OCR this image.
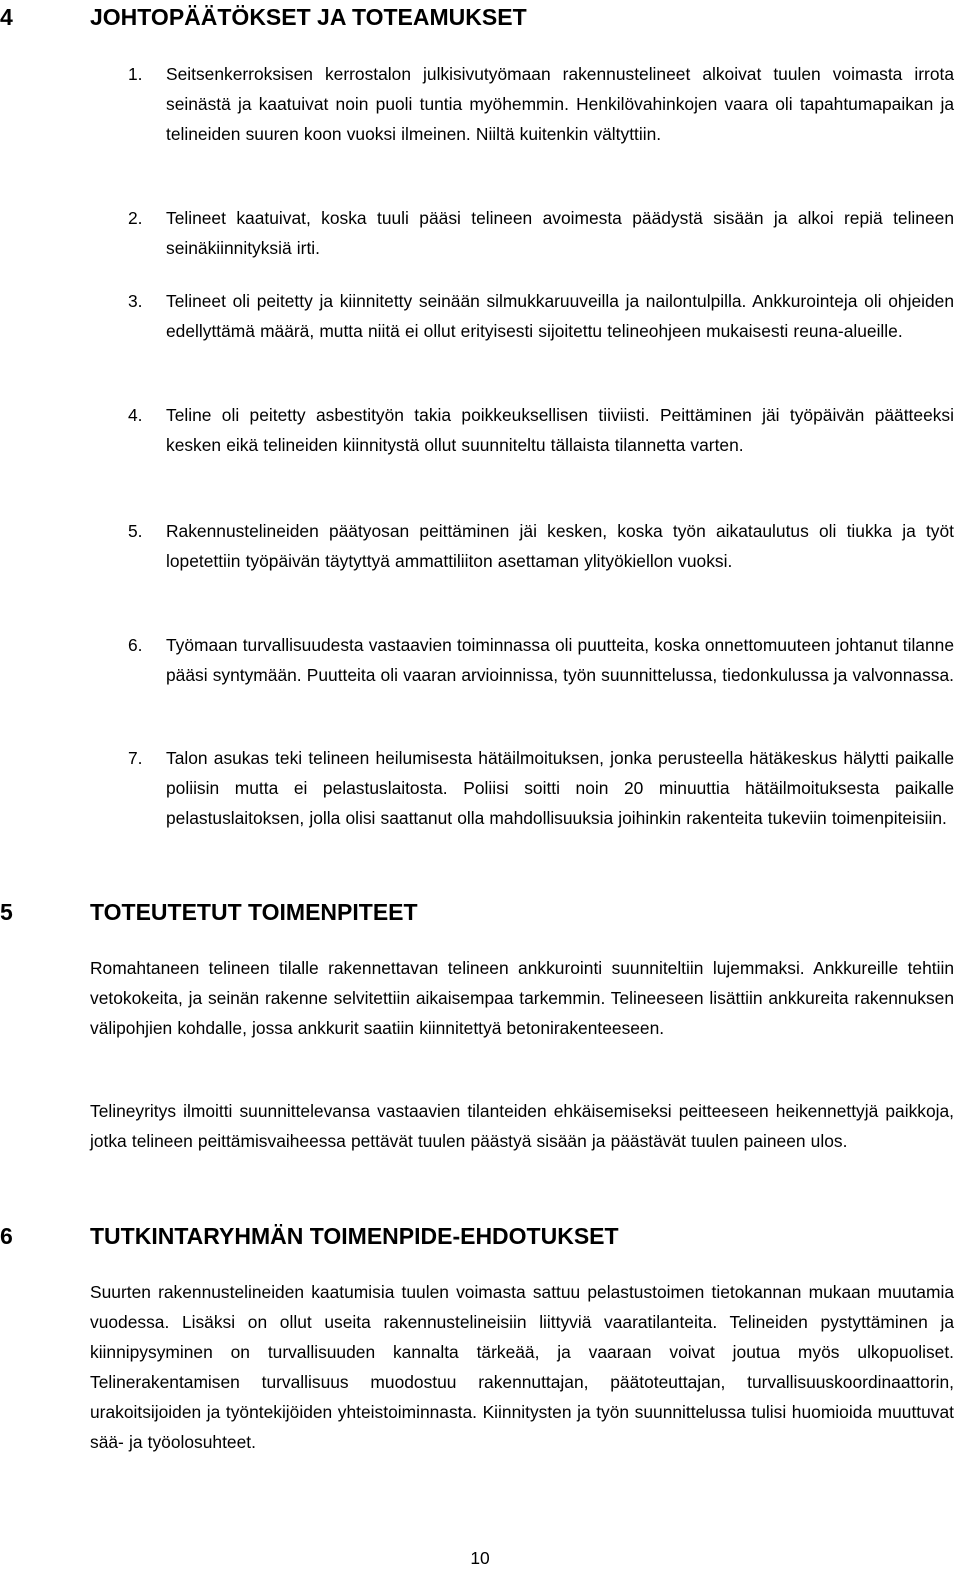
4	JOHTOPÄÄTÖKSET JA TOTEAMUKSET
1. Seitsenkerroksisen kerrostalon julkisivutyömaan rakennustelineet alkoivat tuulen voimasta irrota seinästä ja kaatuivat noin puoli tuntia myöhemmin. Henkilövahinkojen vaara oli tapahtumapaikan ja telineiden suuren koon vuoksi ilmeinen. Niiltä kuitenkin vältyttiin.
2. Telineet kaatuivat, koska tuuli pääsi telineen avoimesta päädystä sisään ja alkoi repiä telineen seinäkiinnityksiä irti.
3. Telineet oli peitetty ja kiinnitetty seinään silmukkaruuveilla ja nailontulpilla. Ankkurointeja oli ohjeiden edellyttämä määrä, mutta niitä ei ollut erityisesti sijoitettu telineohjeen mukaisesti reuna-alueille.
4. Teline oli peitetty asbestityön takia poikkeuksellisen tiiviisti. Peittäminen jäi työpäivän päätteeksi kesken eikä telineiden kiinnitystä ollut suunniteltu tällaista tilannetta varten.
5. Rakennustelineiden päätyosan peittäminen jäi kesken, koska työn aikataulutus oli tiukka ja työt lopetettiin työpäivän täytyttyä ammattiliiton asettaman ylityökiellon vuoksi.
6. Työmaan turvallisuudesta vastaavien toiminnassa oli puutteita, koska onnettomuuteen johtanut tilanne pääsi syntymään. Puutteita oli vaaran arvioinnissa, työn suunnittelussa, tiedonkulussa ja valvonnassa.
7. Talon asukas teki telineen heilumisesta hätäilmoituksen, jonka perusteella hätäkeskus hälytti paikalle poliisin mutta ei pelastuslaitosta. Poliisi soitti noin 20 minuuttia hätäilmoituksesta paikalle pelastuslaitoksen, jolla olisi saattanut olla mahdollisuuksia joihinkin rakenteita tukeviin toimenpiteisiin.
5	TOTEUTETUT TOIMENPITEET
Romahtaneen telineen tilalle rakennettavan telineen ankkurointi suunniteltiin lujemmaksi. Ankkureille tehtiin vetokokeita, ja seinän rakenne selvitettiin aikaisempaa tarkemmin. Telineeseen lisättiin ankkureita rakennuksen välipohjien kohdalle, jossa ankkurit saatiin kiinnitettyä betonirakenteeseen.
Telineyritys ilmoitti suunnittelevansa vastaavien tilanteiden ehkäisemiseksi peitteeseen heikennettyjä paikkoja, jotka telineen peittämisvaiheessa pettävät tuulen päästyä sisään ja päästävät tuulen paineen ulos.
6	TUTKINTARYHMÄN TOIMENPIDE-EHDOTUKSET
Suurten rakennustelineiden kaatumisia tuulen voimasta sattuu pelastustoimen tietokannan mukaan muutamia vuodessa. Lisäksi on ollut useita rakennustelineisiin liittyviä vaaratilanteita. Telineiden pystyttäminen ja kiinnipysyminen on turvallisuuden kannalta tärkeää, ja vaaraan voivat joutua myös ulkopuoliset. Telinerakentamisen turvallisuus muodostuu rakennuttajan, päätoteuttajan, turvallisuuskoordinaattorin, urakoitsijoiden ja työntekijöiden yhteistoiminnasta. Kiinnitysten ja työn suunnittelussa tulisi huomioida muuttuvat sää- ja työolosuhteet.
10
